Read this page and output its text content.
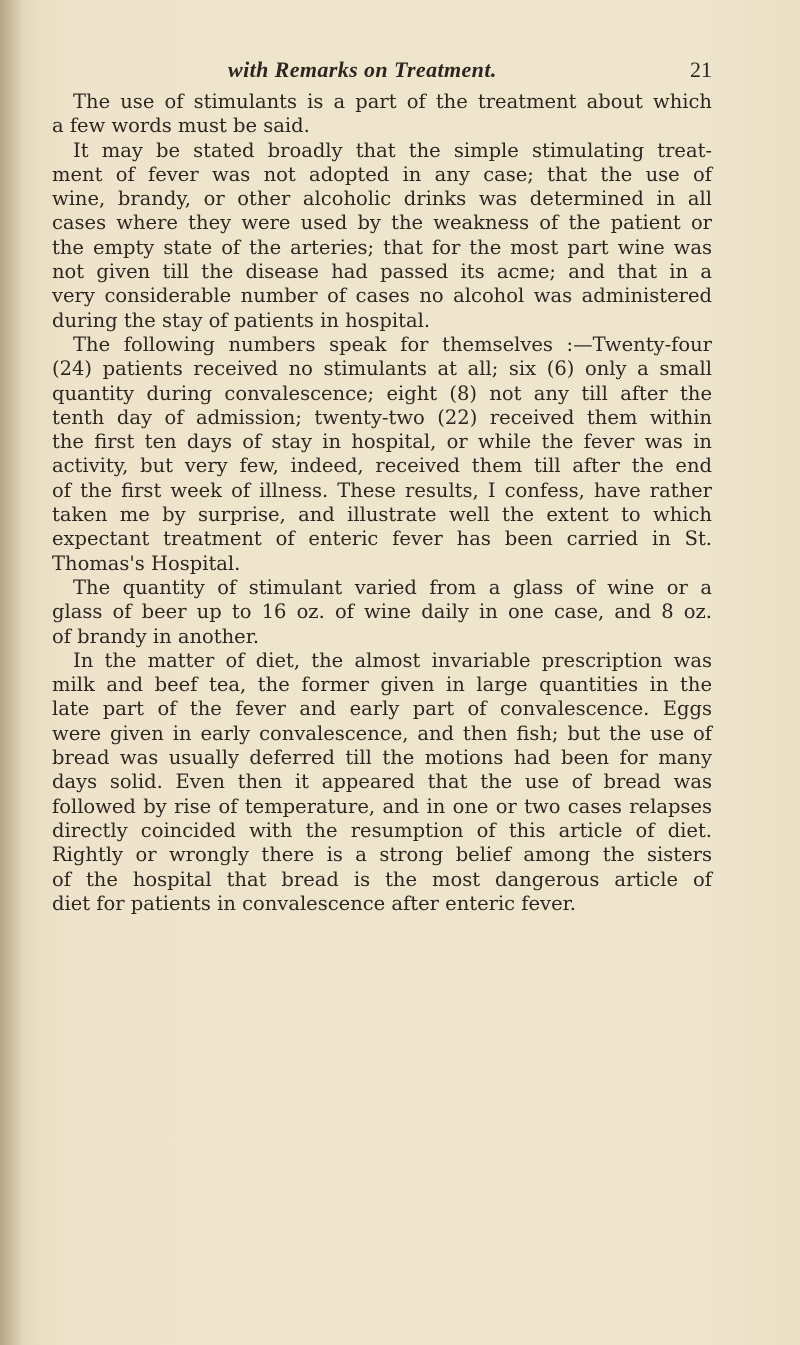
with Remarks on Treatment.	21
The use of stimulants is a part of the treatment about which
a few words must be said.
It may be stated broadly that the simple stimulating treat-
ment of fever was not adopted in any case; that the use of
wine, brandy, or other alcoholic drinks was determined in all
cases where they were used by the weakness of the patient or
the empty state of the arteries; that for the most part wine was
not given till the disease had passed its acme; and that in a
very considerable number of cases no alcohol was administered
during the stay of patients in hospital.
The following numbers speak for themselves :—Twenty-four
(24) patients received no stimulants at all; six (6) only a small
quantity during convalescence; eight (8) not any till after the
tenth day of admission; twenty-two (22) received them within
the first ten days of stay in hospital, or while the fever was in
activity, but very few, indeed, received them till after the end
of the first week of illness. These results, I confess, have rather
taken me by surprise, and illustrate well the extent to which
expectant treatment of enteric fever has been carried in St.
Thomas's Hospital.
The quantity of stimulant varied from a glass of wine or a
glass of beer up to 16 oz. of wine daily in one case, and 8 oz.
of brandy in another.
In the matter of diet, the almost invariable prescription was
milk and beef tea, the former given in large quantities in the
late part of the fever and early part of convalescence. Eggs
were given in early convalescence, and then fish; but the use of
bread was usually deferred till the motions had been for many
days solid. Even then it appeared that the use of bread was
followed by rise of temperature, and in one or two cases relapses
directly coincided with the resumption of this article of diet.
Rightly or wrongly there is a strong belief among the sisters
of the hospital that bread is the most dangerous article of
diet for patients in convalescence after enteric fever.
